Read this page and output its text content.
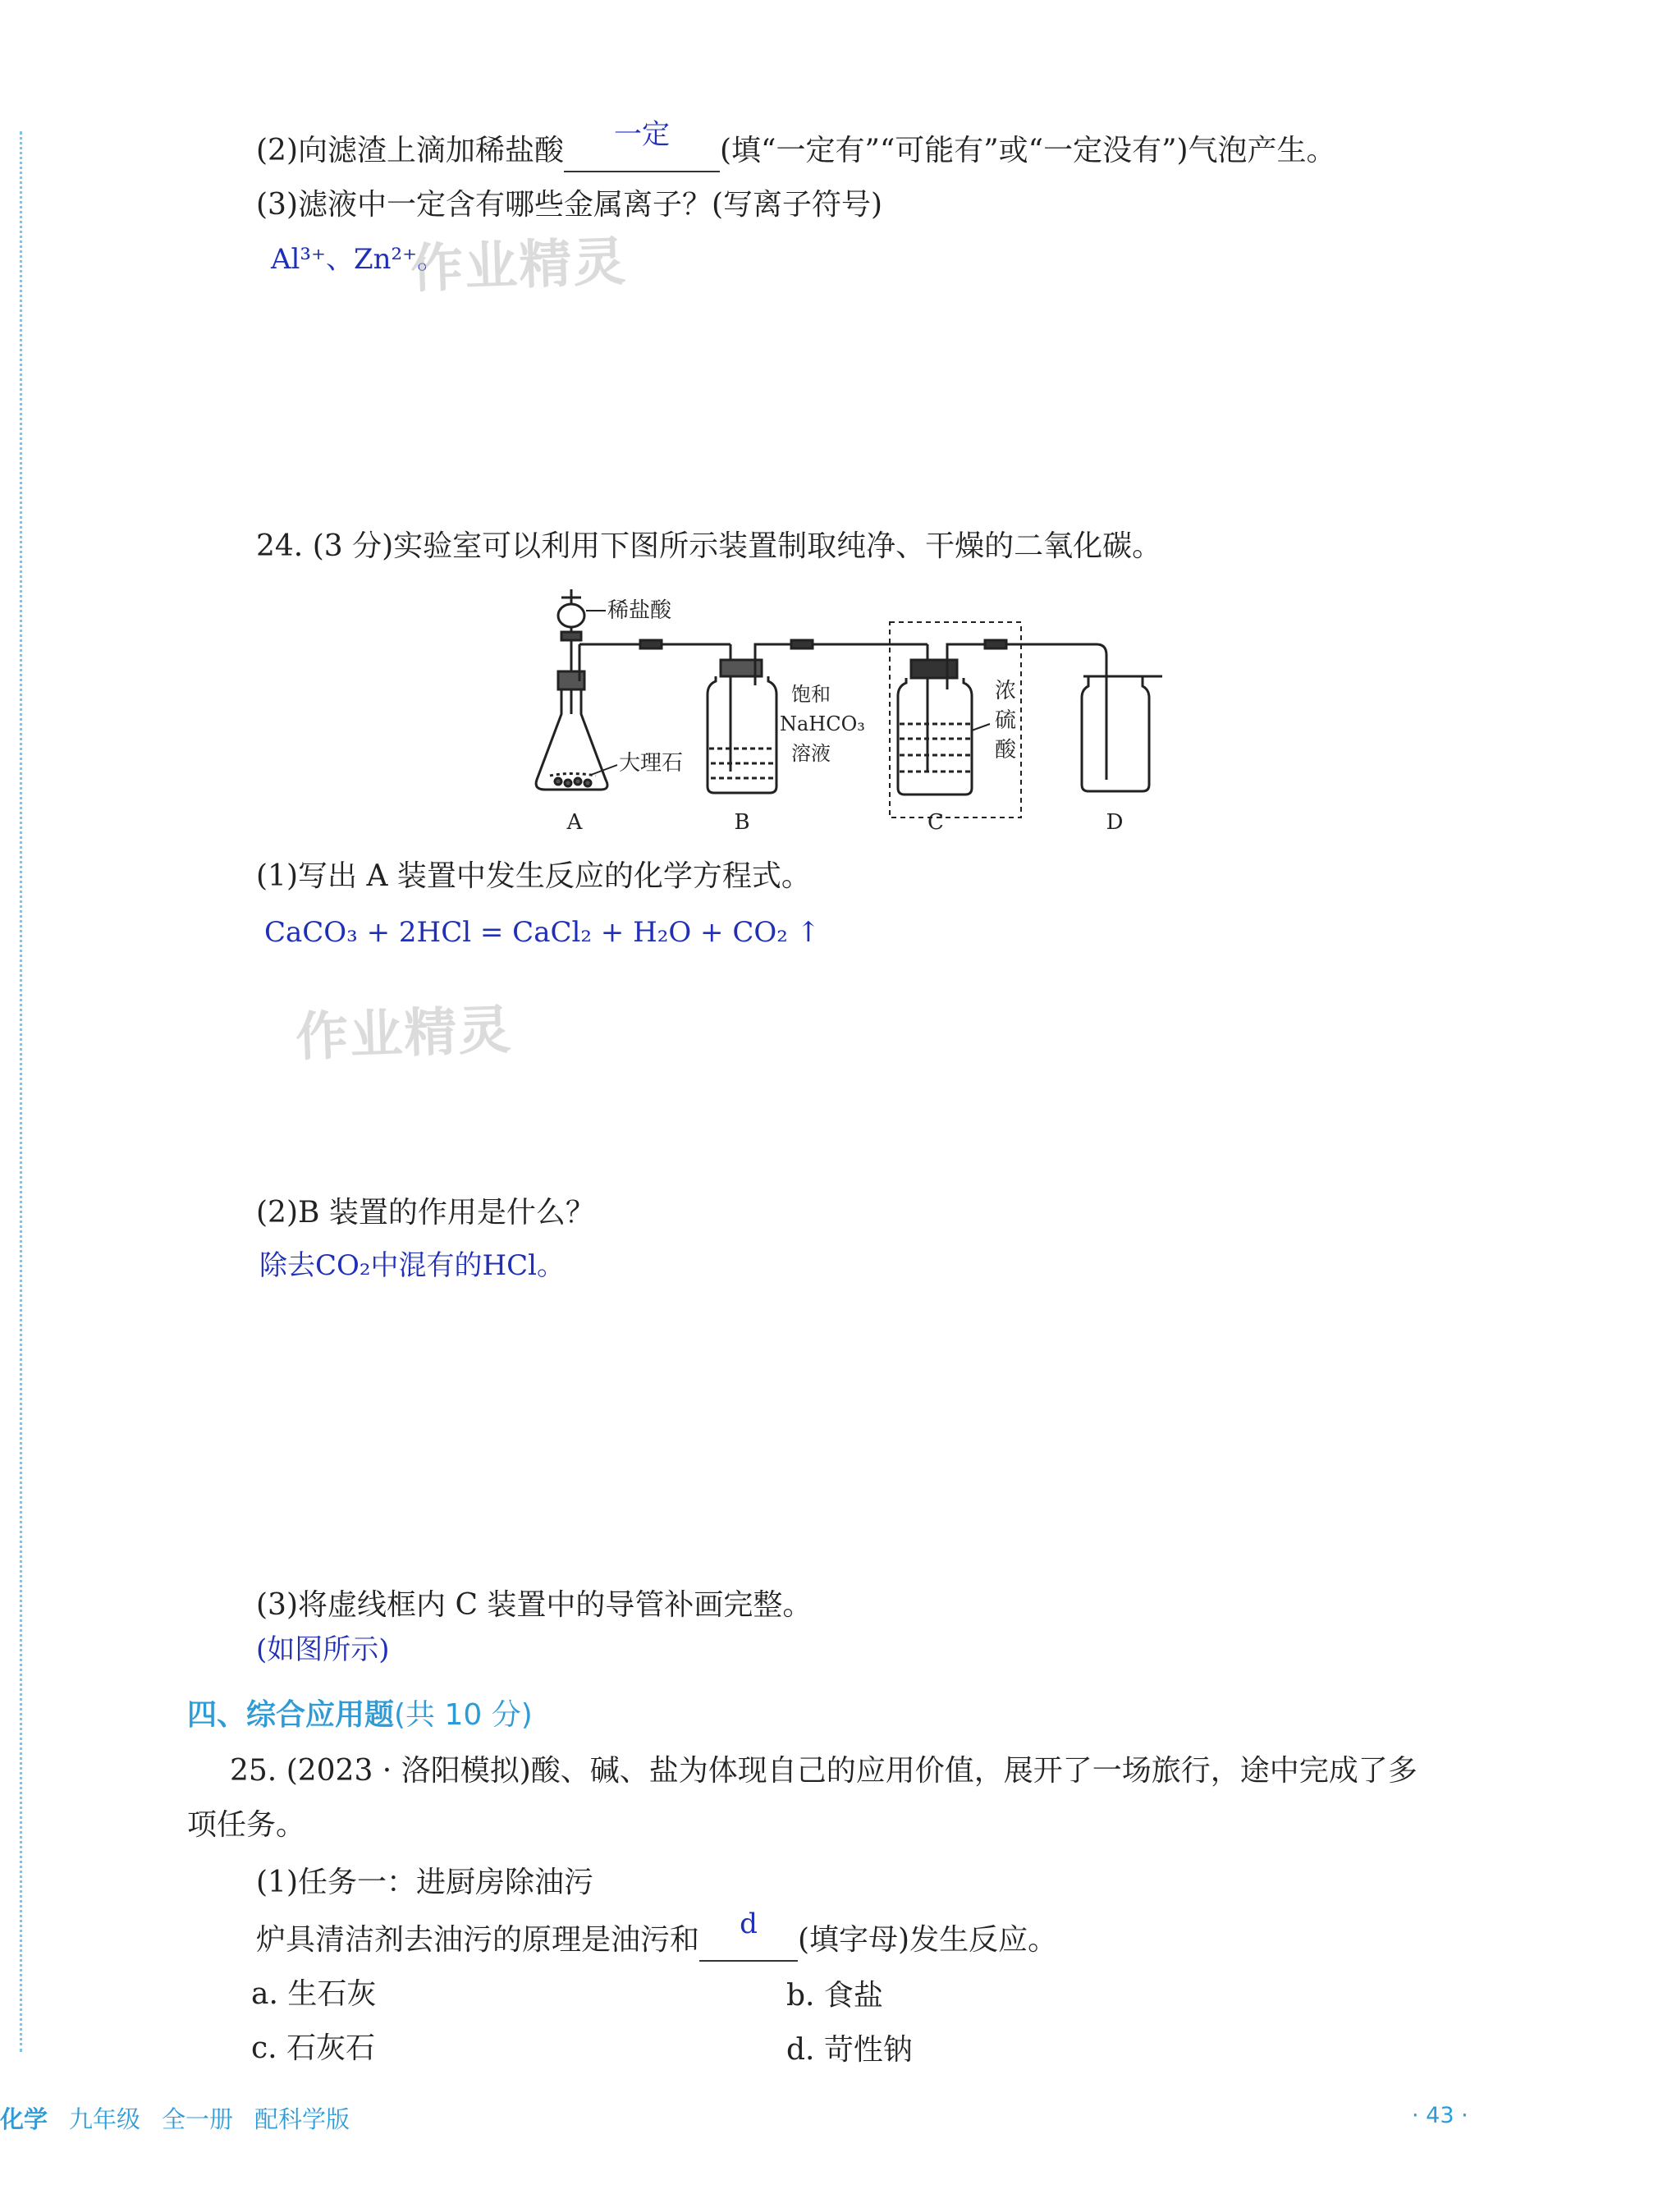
(2)向滤渣上滴加稀盐酸	一定	(填“一定有”“可能有”或“一定没有”)气泡产生。
(3)滤液中一定含有哪些金属离子？(写离子符号)
Al³⁺、Zn²⁺。
作业精灵
24. (3 分)实验室可以利用下图所示装置制取纯净、干燥的二氧化碳。
稀盐酸
大理石
饱和
NaHCO₃
溶液
浓
硫
酸
A	B	C	D
(1)写出 A 装置中发生反应的化学方程式。
CaCO₃ + 2HCl = CaCl₂ + H₂O + CO₂ ↑
作业精灵
(2)B 装置的作用是什么？
除去CO₂中混有的HCl。
(3)将虚线框内 C 装置中的导管补画完整。
(如图所示)
四、综合应用题(共 10 分)
25. (2023 · 洛阳模拟)酸、碱、盐为体现自己的应用价值，展开了一场旅行，途中完成了多
项任务。
(1)任务一：进厨房除油污
炉具清洁剂去油污的原理是油污和	d	(填字母)发生反应。
a. 生石灰	b. 食盐
c. 石灰石	d. 苛性钠
化学 九年级 全一册 配科学版	· 43 ·
